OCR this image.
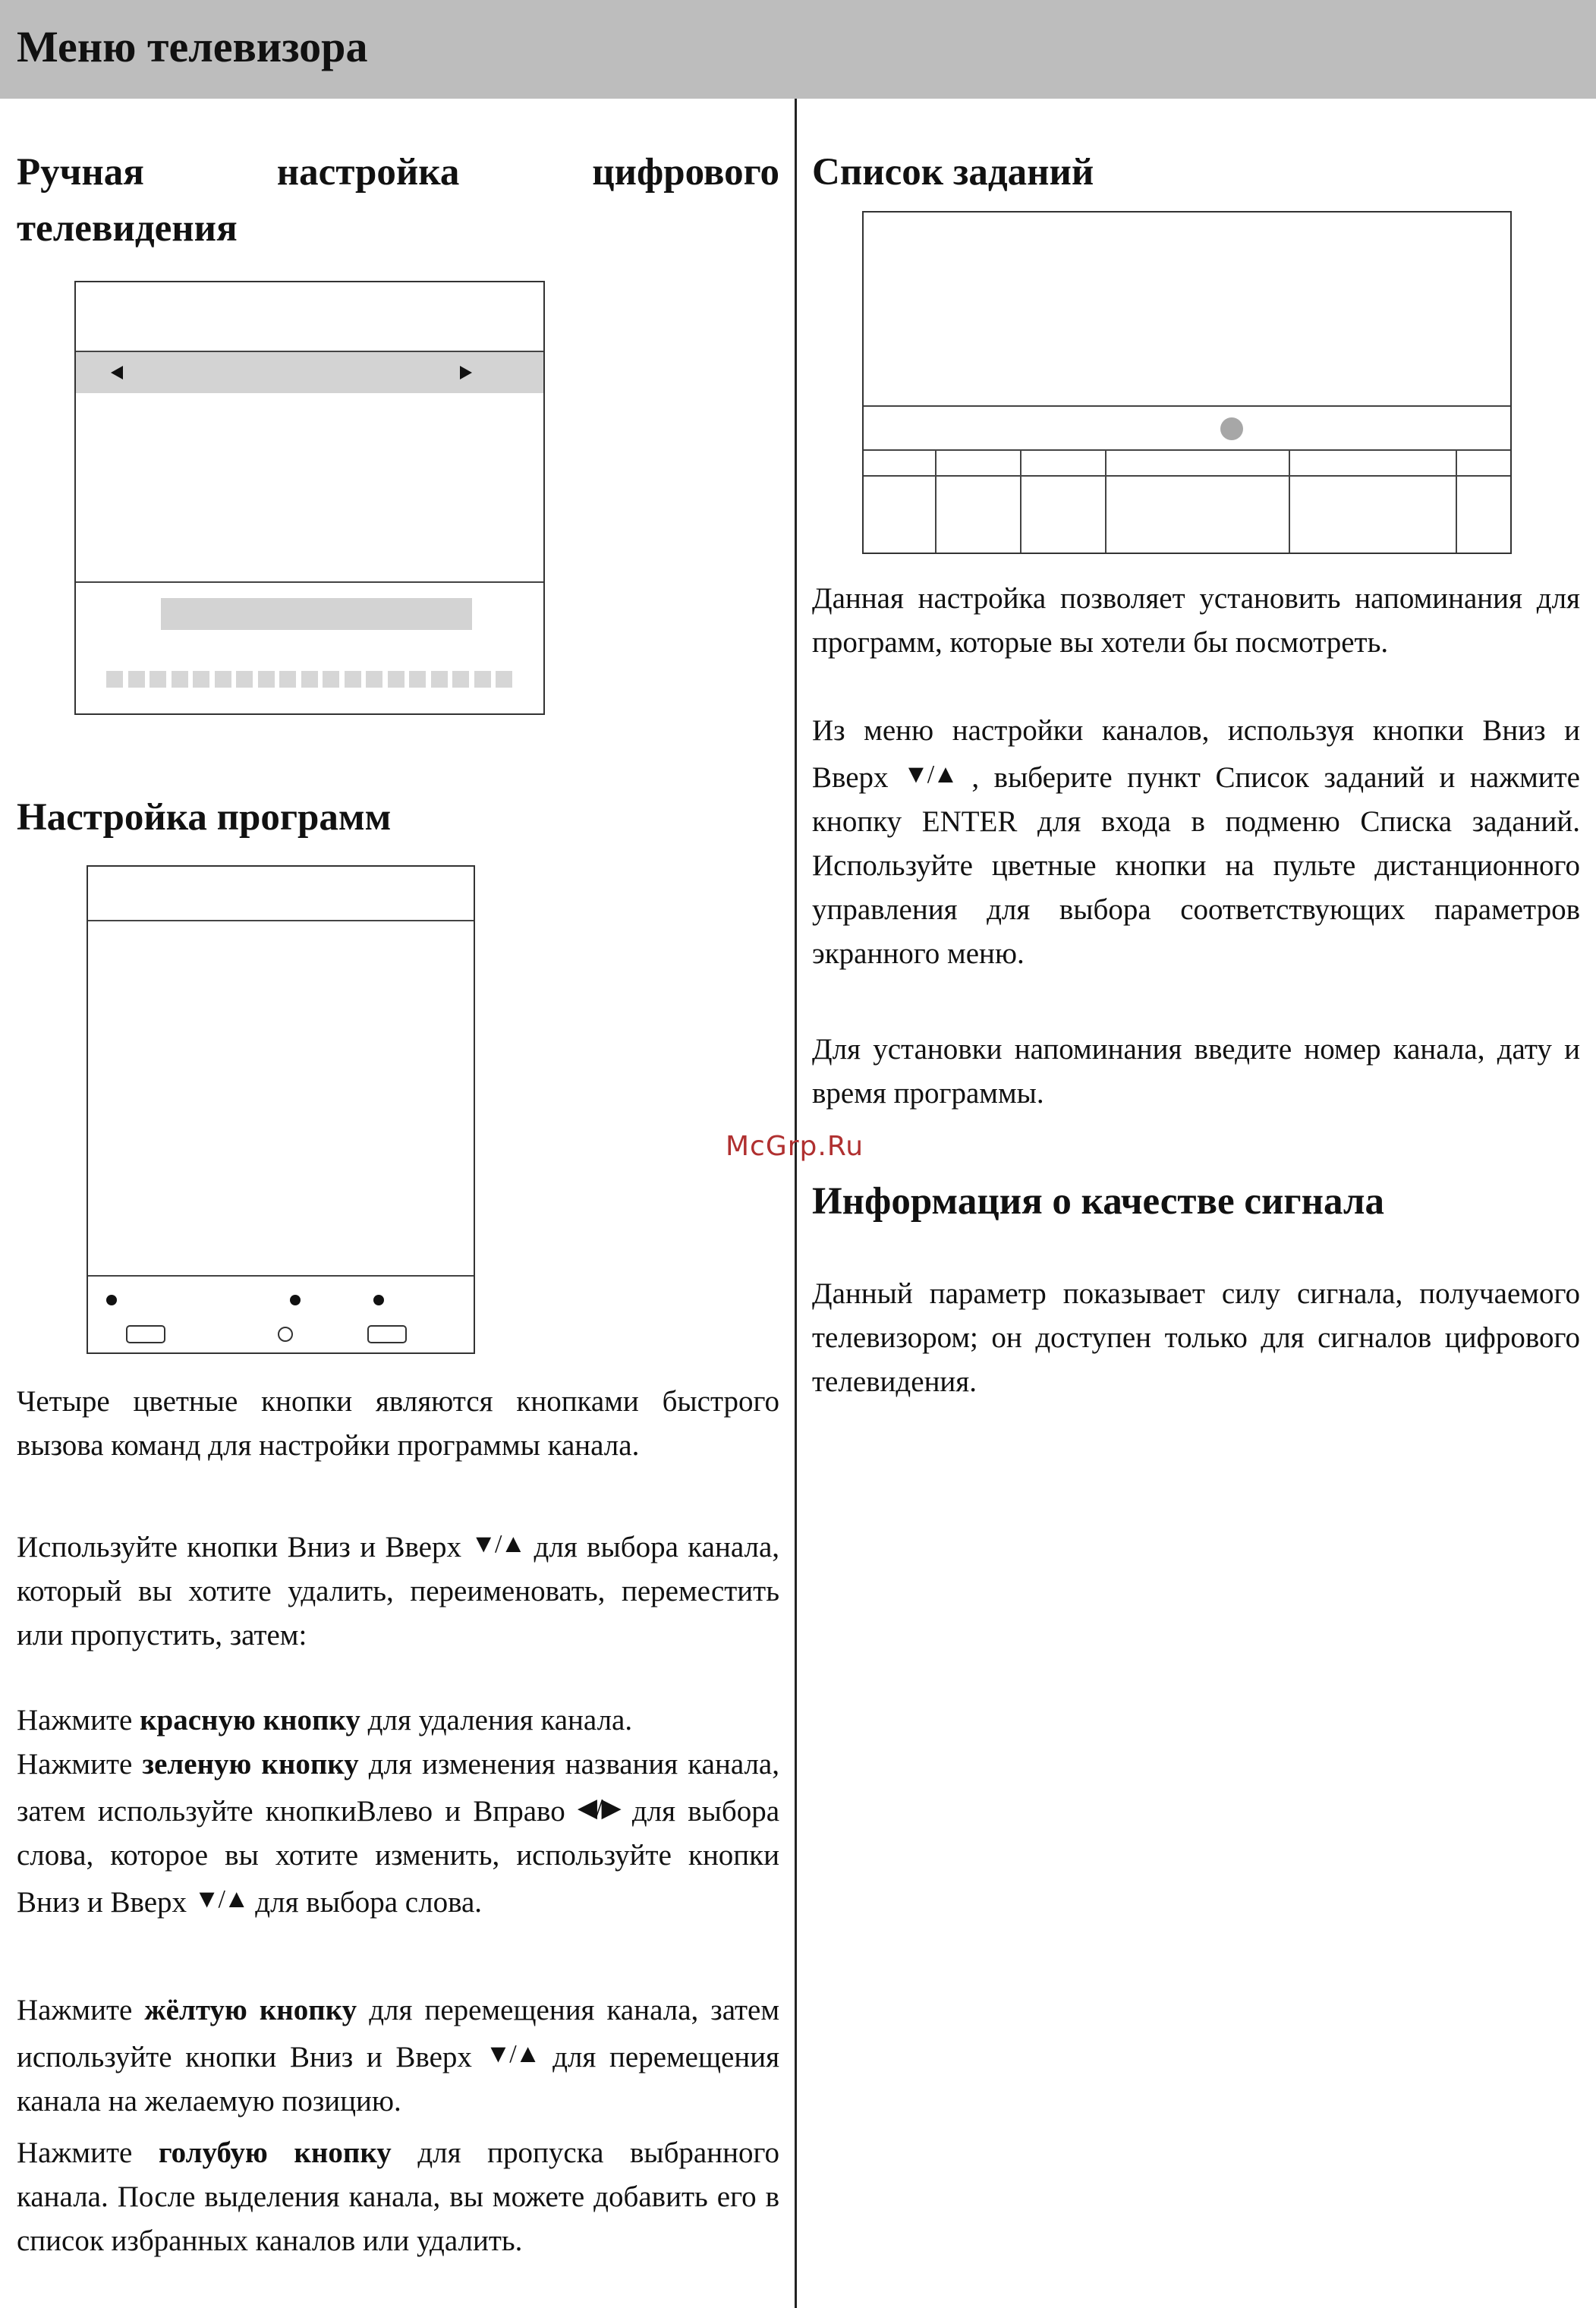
Меню телевизора
Ручная	настройка	цифрового
телевидения
Настройка программ

Четыре цветные кнопки являются кнопками быстрого вызова команд для настройки программы канала.

Используйте кнопки Вниз и Вверх ▼/▲ для выбора канала, который вы хотите удалить, переименовать, переместить или пропустить, затем:

Нажмите красную кнопку для удаления канала.

Нажмите зеленую кнопку для изменения названия канала, затем используйте кнопкиВлево и Вправо ◀/▶ для выбора слова, которое вы хотите изменить, используйте кнопки Вниз и Вверх ▼/▲ для выбора слова.

Нажмите жёлтую кнопку для перемещения канала, затем используйте кнопки Вниз и Вверх ▼/▲ для перемещения канала на желаемую позицию.

Нажмите голубую кнопку для пропуска выбранного канала. После выделения канала, вы можете добавить его в список избранных каналов или удалить.

Список заданий

Данная настройка позволяет установить напоминания для программ, которые вы хотели бы посмотреть.

Из меню настройки каналов, используя кнопки Вниз и Вверх ▼/▲ , выберите пункт Список заданий и нажмите кнопку ENTER для входа в подменю Списка заданий. Используйте цветные кнопки на пульте дистанционного управления для выбора соответствующих параметров экранного меню.

Для установки напоминания введите номер канала, дату и время программы.

Информация о качестве сигнала

Данный параметр показывает силу сигнала, получаемого телевизором; он доступен только для сигналов цифрового телевидения.

McGrp.Ru
